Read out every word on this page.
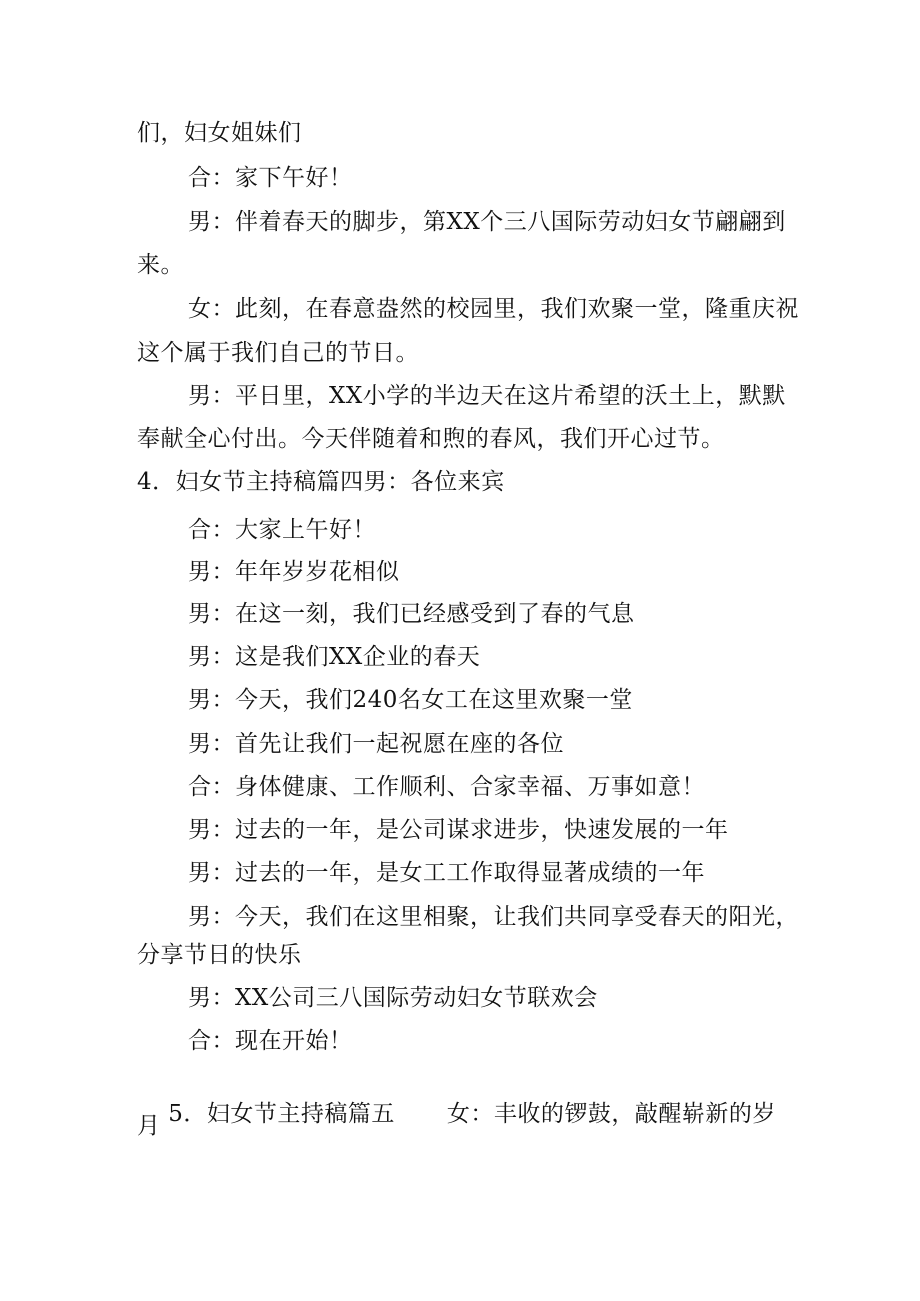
们，妇女姐妹们
合：家下午好！
男：伴着春天的脚步，第XX个三八国际劳动妇女节翩翩到
来。
女：此刻，在春意盎然的校园里，我们欢聚一堂，隆重庆祝
这个属于我们自己的节日。
男：平日里，XX小学的半边天在这片希望的沃土上，默默
奉献全心付出。今天伴随着和煦的春风，我们开心过节。
4．妇女节主持稿篇四男：各位来宾
合：大家上午好！
男：年年岁岁花相似
男：在这一刻，我们已经感受到了春的气息
男：这是我们XX企业的春天
男：今天，我们240名女工在这里欢聚一堂
男：首先让我们一起祝愿在座的各位
合：身体健康、工作顺利、合家幸福、万事如意！
男：过去的一年，是公司谋求进步，快速发展的一年
男：过去的一年，是女工工作取得显著成绩的一年
男：今天，我们在这里相聚，让我们共同享受春天的阳光，
分享节日的快乐
男：XX公司三八国际劳动妇女节联欢会
合：现在开始！

5．妇女节主持稿篇五 女：丰收的锣鼓，敲醒崭新的岁

月
